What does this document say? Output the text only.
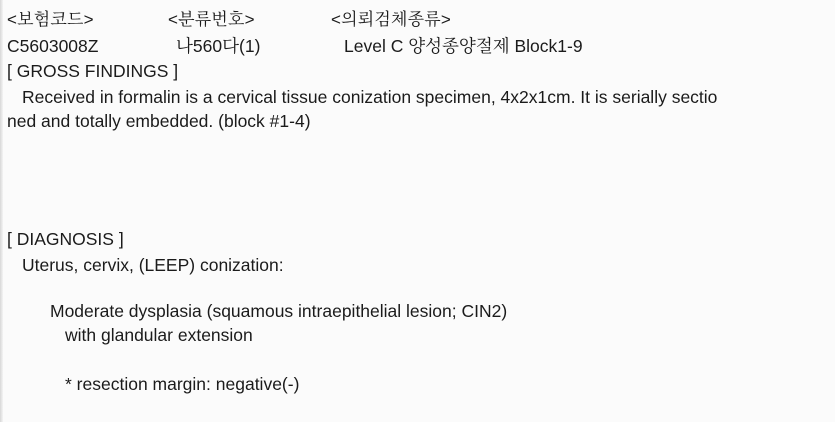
<보험코드>	<분류번호>	<의뢰검체종류>
C5603008Z	나560다(1)	Level C 양성종양절제 Block1-9
[ GROSS FINDINGS ]
Received in formalin is a cervical tissue conization specimen, 4x2x1cm. It is serially sectio
ned and totally embedded. (block #1-4)
[ DIAGNOSIS ]
Uterus, cervix, (LEEP) conization:
Moderate dysplasia (squamous intraepithelial lesion; CIN2)
with glandular extension
* resection margin: negative(-)
